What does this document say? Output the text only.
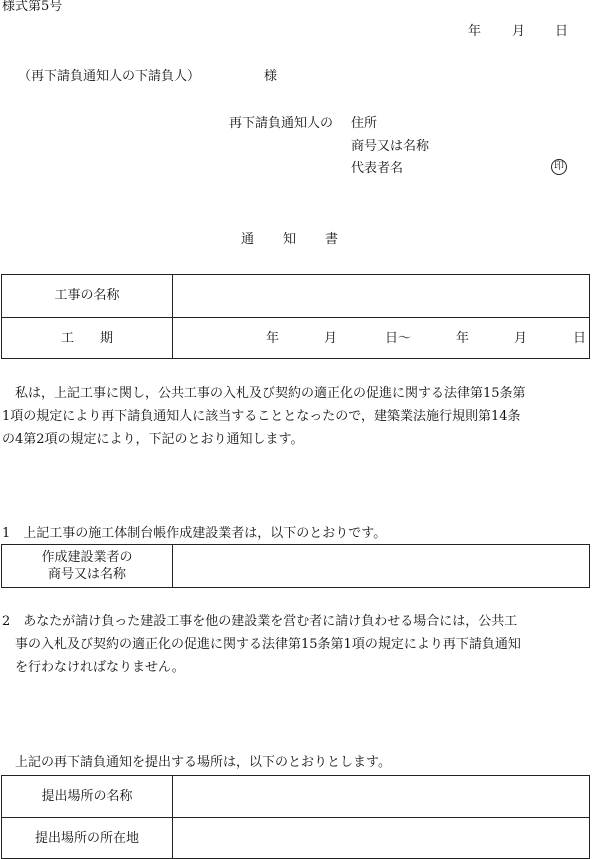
様式第5号
年 月 日
（再下請負通知人の下請負人）	様
再下請負通知人の 住所
商号又は名称
代表者名	印
通　　知　　書
工事の名称
工　　期	年	月	日〜	年	月	日
　私は，上記工事に関し，公共工事の入札及び契約の適正化の促進に関する法律第15条第
1項の規定により再下請負通知人に該当することとなったので，建築業法施行規則第14条
の4第2項の規定により，下記のとおり通知します。
1　上記工事の施工体制台帳作成建設業者は，以下のとおりです。
作成建設業者の
商号又は名称
2　あなたが請け負った建設工事を他の建設業を営む者に請け負わせる場合には，公共工
　事の入札及び契約の適正化の促進に関する法律第15条第1項の規定により再下請負通知
　を行わなければなりません。
　上記の再下請負通知を提出する場所は，以下のとおりとします。
提出場所の名称
提出場所の所在地
